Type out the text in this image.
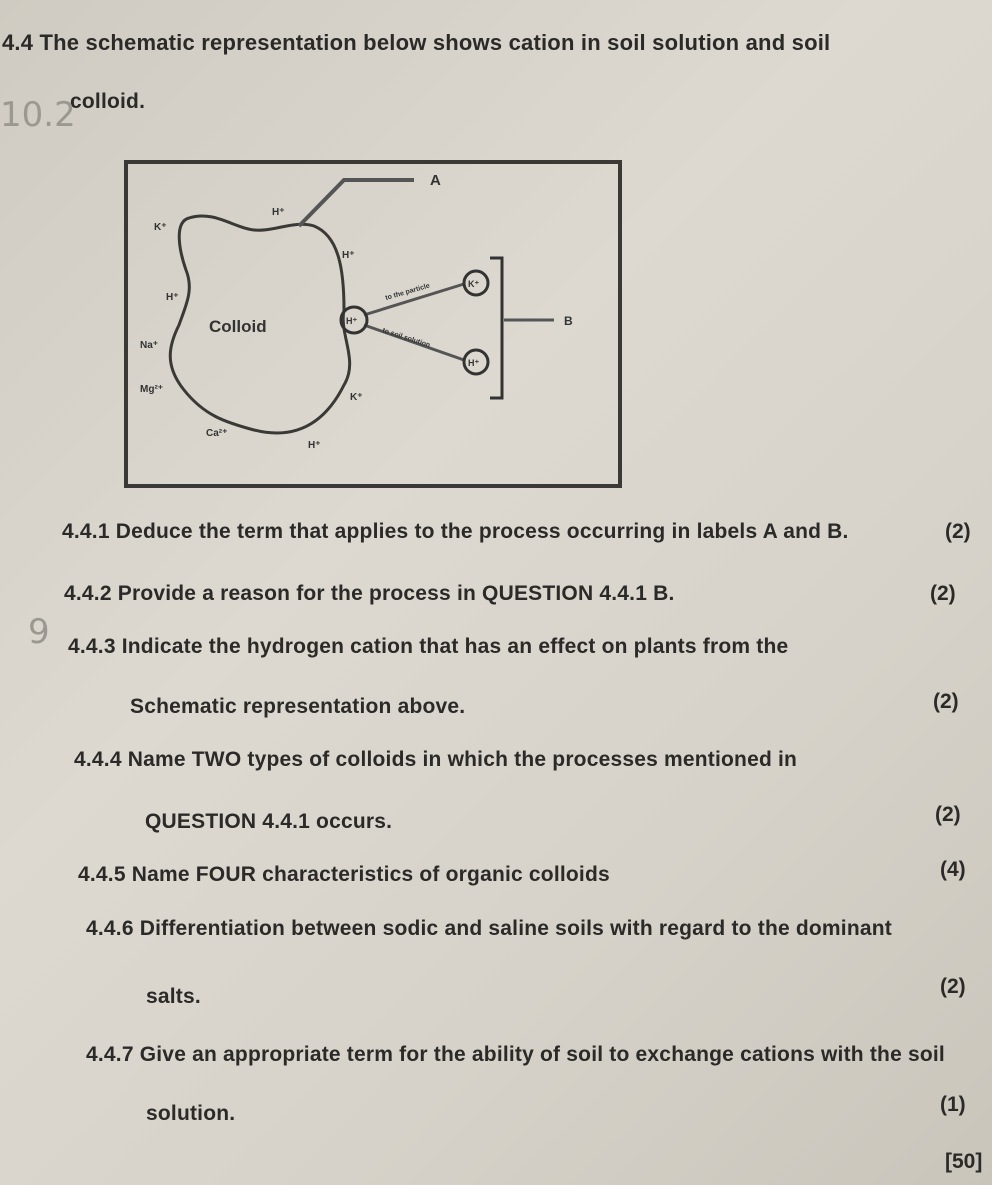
4.4 The schematic representation below shows cation in soil solution and soil
colloid.
10.2
9
A
Colloid
K⁺
H⁺
H⁺
H⁺
Na⁺
Mg²⁺
Ca²⁺
H⁺
K⁺
to the particle
to soil solution
H⁺
K⁺
H⁺
B
4.4.1 Deduce the term that applies to the process occurring in labels A and B.	(2)
4.4.2 Provide a reason for the process in QUESTION 4.4.1 B.	(2)
4.4.3 Indicate the hydrogen cation that has an effect on plants from the
Schematic representation above.	(2)
4.4.4 Name TWO types of colloids in which the processes mentioned in
QUESTION 4.4.1 occurs.	(2)
4.4.5 Name FOUR characteristics of organic colloids	(4)
4.4.6 Differentiation between sodic and saline soils with regard to the dominant
salts.	(2)
4.4.7 Give an appropriate term for the ability of soil to exchange cations with the soil
solution.	(1)
[50]
